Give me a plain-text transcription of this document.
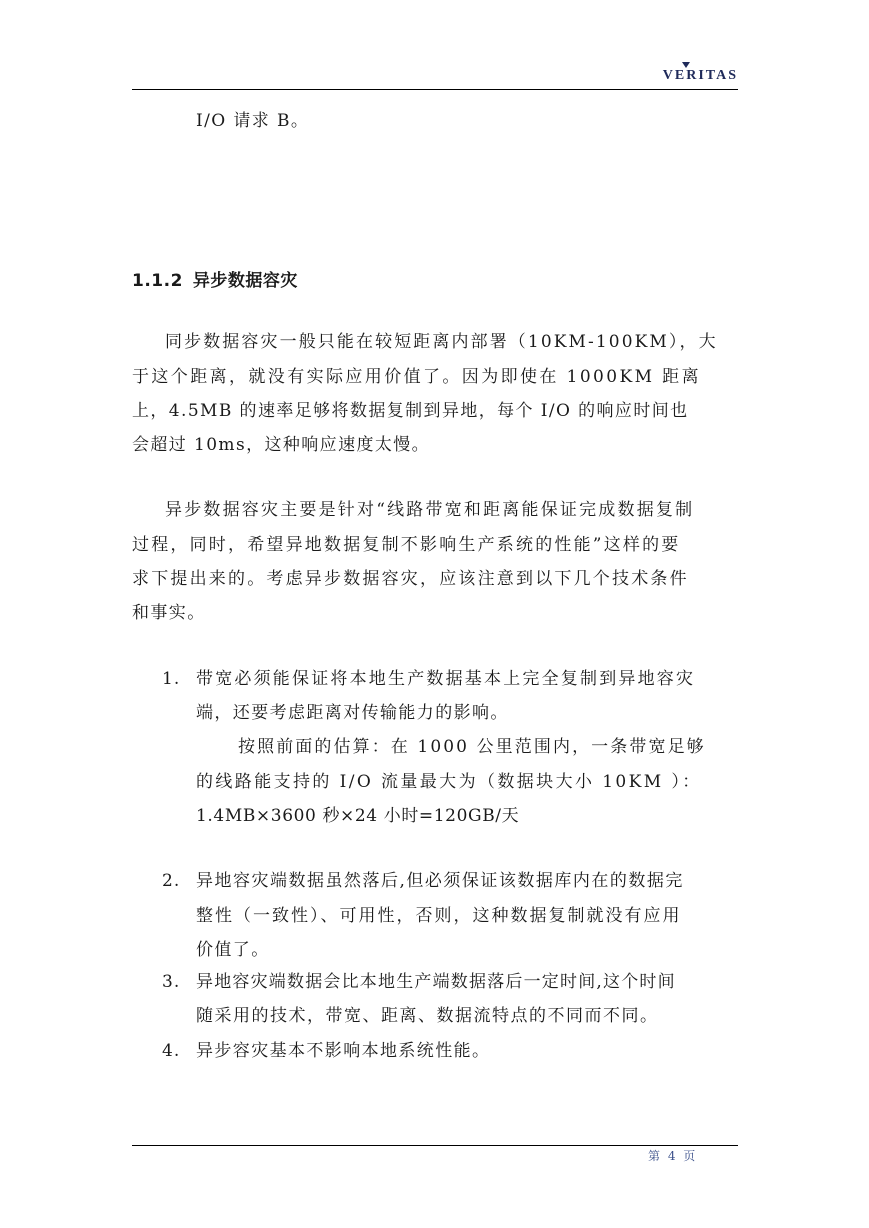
VERITAS
I/O 请求 B。
1.1.2 异步数据容灾
同步数据容灾一般只能在较短距离内部署（10KM-100KM），大
于这个距离，就没有实际应用价值了。因为即使在 1000KM 距离
上，4.5MB 的速率足够将数据复制到异地，每个 I/O 的响应时间也
会超过 10ms，这种响应速度太慢。
异步数据容灾主要是针对“线路带宽和距离能保证完成数据复制
过程，同时，希望异地数据复制不影响生产系统的性能”这样的要
求下提出来的。考虑异步数据容灾，应该注意到以下几个技术条件
和事实。
1. 带宽必须能保证将本地生产数据基本上完全复制到异地容灾
端，还要考虑距离对传输能力的影响。
按照前面的估算：在 1000 公里范围内，一条带宽足够
的线路能支持的 I/O 流量最大为（数据块大小 10KM ）：
1.4MB×3600 秒×24 小时=120GB/天
2. 异地容灾端数据虽然落后,但必须保证该数据库内在的数据完
整性（一致性）、可用性，否则，这种数据复制就没有应用
价值了。
3. 异地容灾端数据会比本地生产端数据落后一定时间,这个时间
随采用的技术，带宽、距离、数据流特点的不同而不同。
4. 异步容灾基本不影响本地系统性能。
第 4 页
